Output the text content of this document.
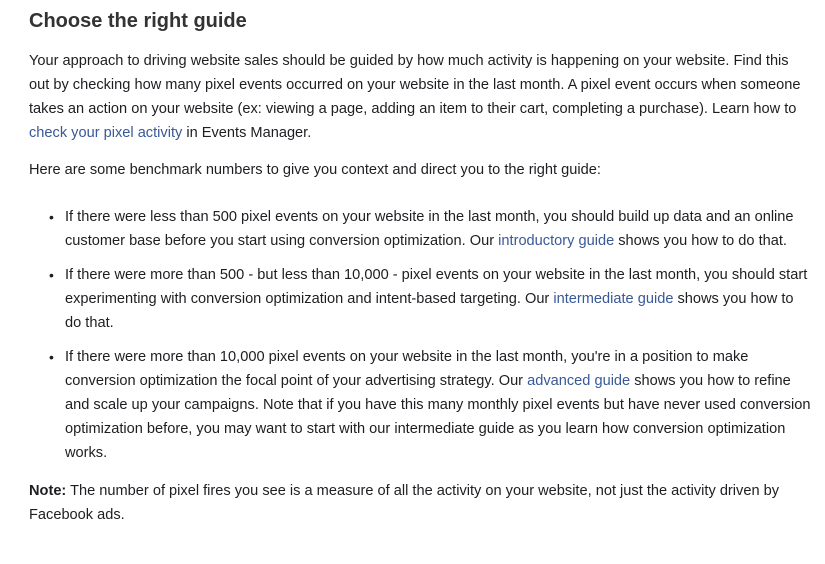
Choose the right guide

Your approach to driving website sales should be guided by how much activity is happening on your website. Find this out by checking how many pixel events occurred on your website in the last month. A pixel event occurs when someone takes an action on your website (ex: viewing a page, adding an item to their cart, completing a purchase). Learn how to check your pixel activity in Events Manager.

Here are some benchmark numbers to give you context and direct you to the right guide:

• If there were less than 500 pixel events on your website in the last month, you should build up data and an online customer base before you start using conversion optimization. Our introductory guide shows you how to do that.
• If there were more than 500 - but less than 10,000 - pixel events on your website in the last month, you should start experimenting with conversion optimization and intent-based targeting. Our intermediate guide shows you how to do that.
• If there were more than 10,000 pixel events on your website in the last month, you're in a position to make conversion optimization the focal point of your advertising strategy. Our advanced guide shows you how to refine and scale up your campaigns. Note that if you have this many monthly pixel events but have never used conversion optimization before, you may want to start with our intermediate guide as you learn how conversion optimization works.

Note: The number of pixel fires you see is a measure of all the activity on your website, not just the activity driven by Facebook ads.
